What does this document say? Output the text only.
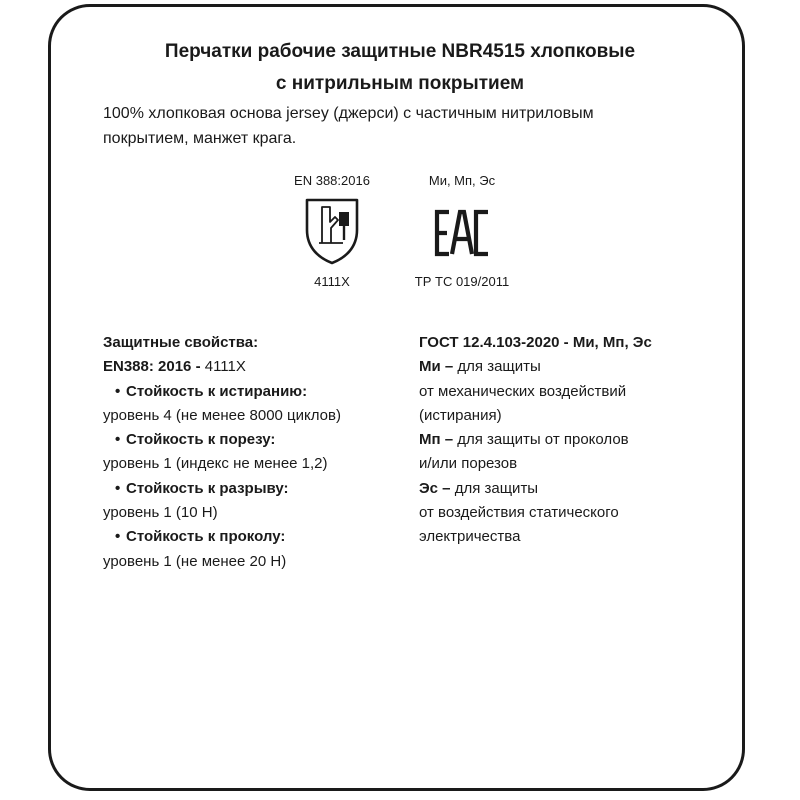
Перчатки рабочие защитные NBR4515 хлопковые
с нитрильным покрытием
100% хлопковая основа jersey (джерси) с частичным нитриловым
покрытием, манжет крага.
EN 388:2016
4111X
Ми, Мп, Эс
ТР ТС 019/2011
Защитные свойства:
EN388: 2016 - 4111X
• Стойкость к истиранию:
уровень 4 (не менее 8000 циклов)
• Стойкость к порезу:
уровень 1 (индекс не менее 1,2)
• Стойкость к разрыву:
уровень 1 (10 Н)
• Стойкость к проколу:
уровень 1 (не менее 20 Н)
ГОСТ 12.4.103-2020 - Ми, Мп, Эс
Ми – для защиты
от механических воздействий
(истирания)
Мп – для защиты от проколов
и/или порезов
Эс – для защиты
от воздействия статического
электричества
